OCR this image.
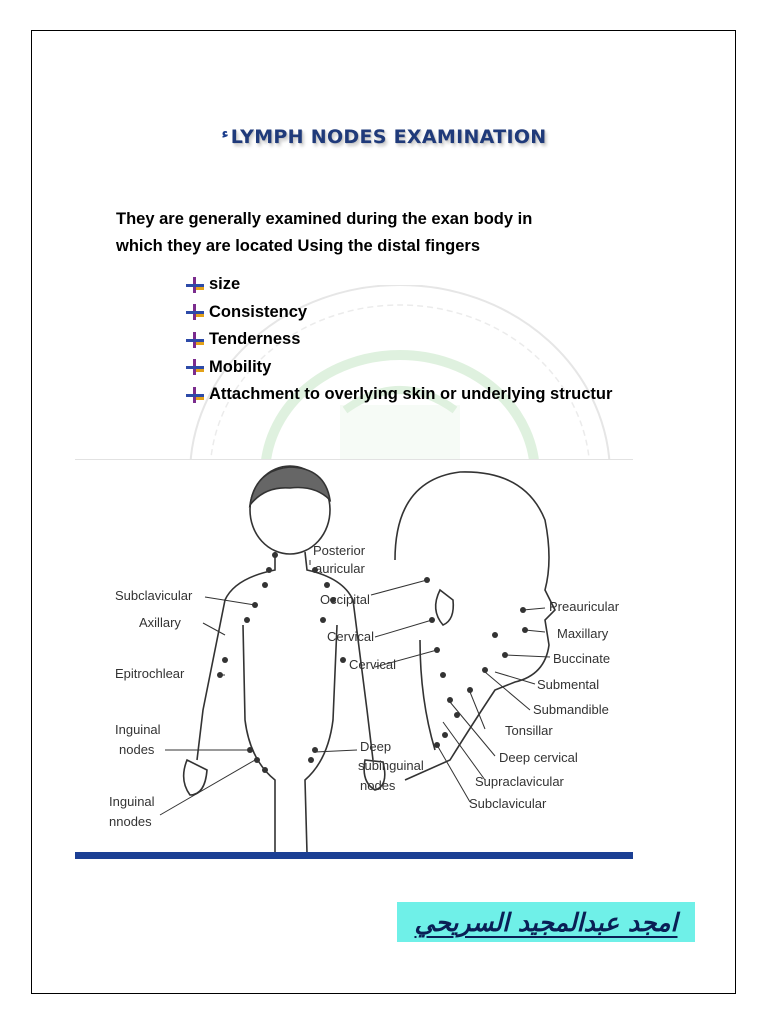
$^ﺀ$ LYMPH NODES EXAMINATION
They are generally examined during the exan body in
which they are located Using the distal fingers
size
Consistency
Tenderness
Mobility
Attachment to overlying skin or underlying structur
Posterior
auricular
Subclavicular
Axillary
Epitrochlear
Inguinal
nodes
Inguinal
nnodes
Deep
subinguinal
nodes
Occipital
Cervical
Cervical
Preauricular
Maxillary
Buccinate
Submental
Submandible
Tonsillar
Deep cervical
Supraclavicular
Subclavicular
امجد عبدالمجيد السريحي
